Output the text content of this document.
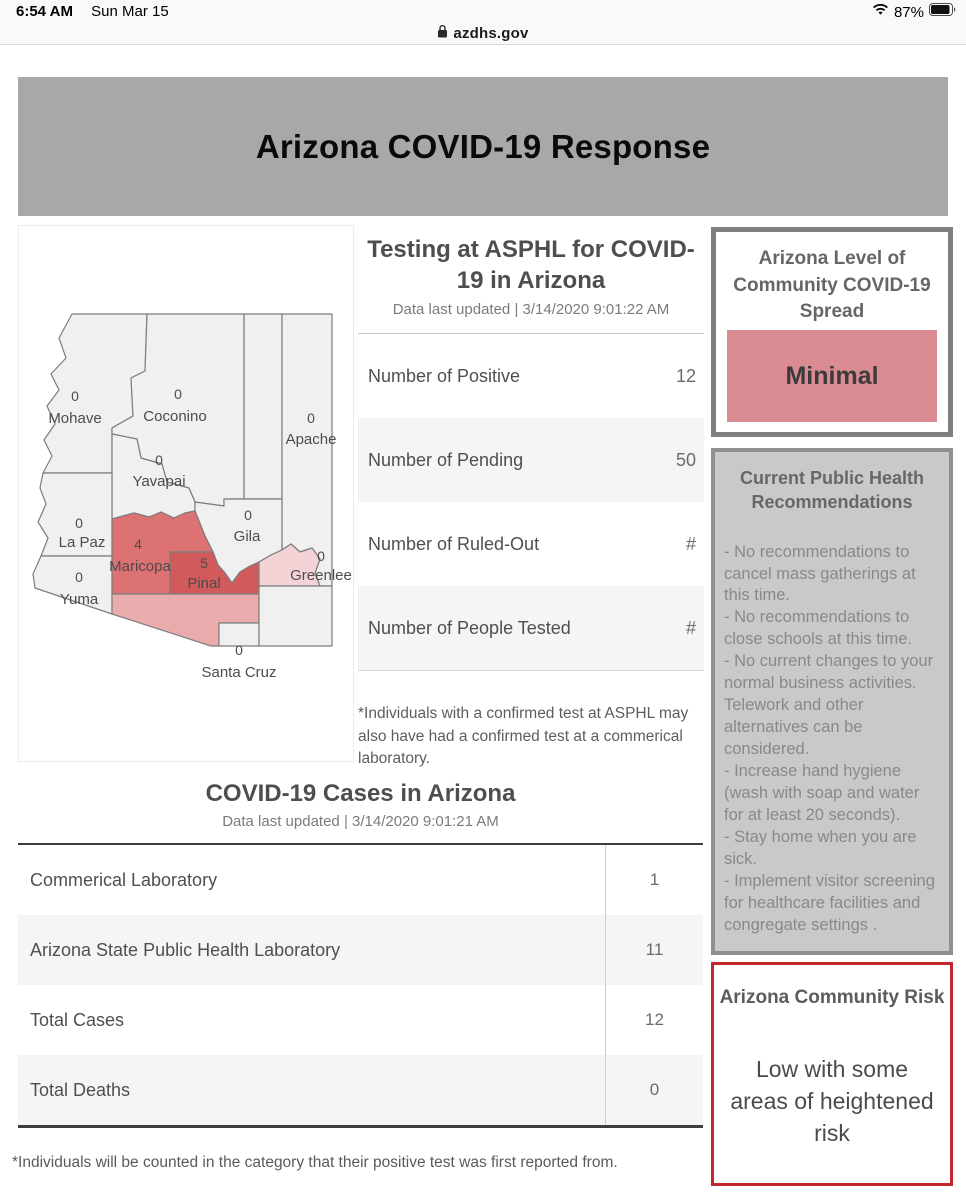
6:54 AM Sun Mar 15	87%
azdhs.gov
Arizona COVID-19 Response
0
Mohave
0
Coconino	0
Apache
0
Yavapai
0
La Paz
0
Yuma
4
Maricopa 5
Pinal
0
Gila
0
Greenlee
0
Santa Cruz
Testing at ASPHL for COVID-19 in Arizona
Data last updated | 3/14/2020 9:01:22 AM
Number of Positive	12
Number of Pending	50
Number of Ruled-Out	#
Number of People Tested	#
*Individuals with a confirmed test at ASPHL may also have had a confirmed test at a commerical laboratory.
Arizona Level of Community COVID-19 Spread
Minimal
Current Public Health Recommendations
- No recommendations to cancel mass gatherings at this time.
- No recommendations to close schools at this time.
- No current changes to your normal business activities. Telework and other alternatives can be considered.
- Increase hand hygiene (wash with soap and water for at least 20 seconds).
- Stay home when you are sick.
- Implement visitor screening for healthcare facilities and congregate settings .
Arizona Community Risk
Low with some areas of heightened risk
COVID-19 Cases in Arizona
Data last updated | 3/14/2020 9:01:21 AM
Commerical Laboratory	1
Arizona State Public Health Laboratory	11
Total Cases	12
Total Deaths	0
*Individuals will be counted in the category that their positive test was first reported from.
